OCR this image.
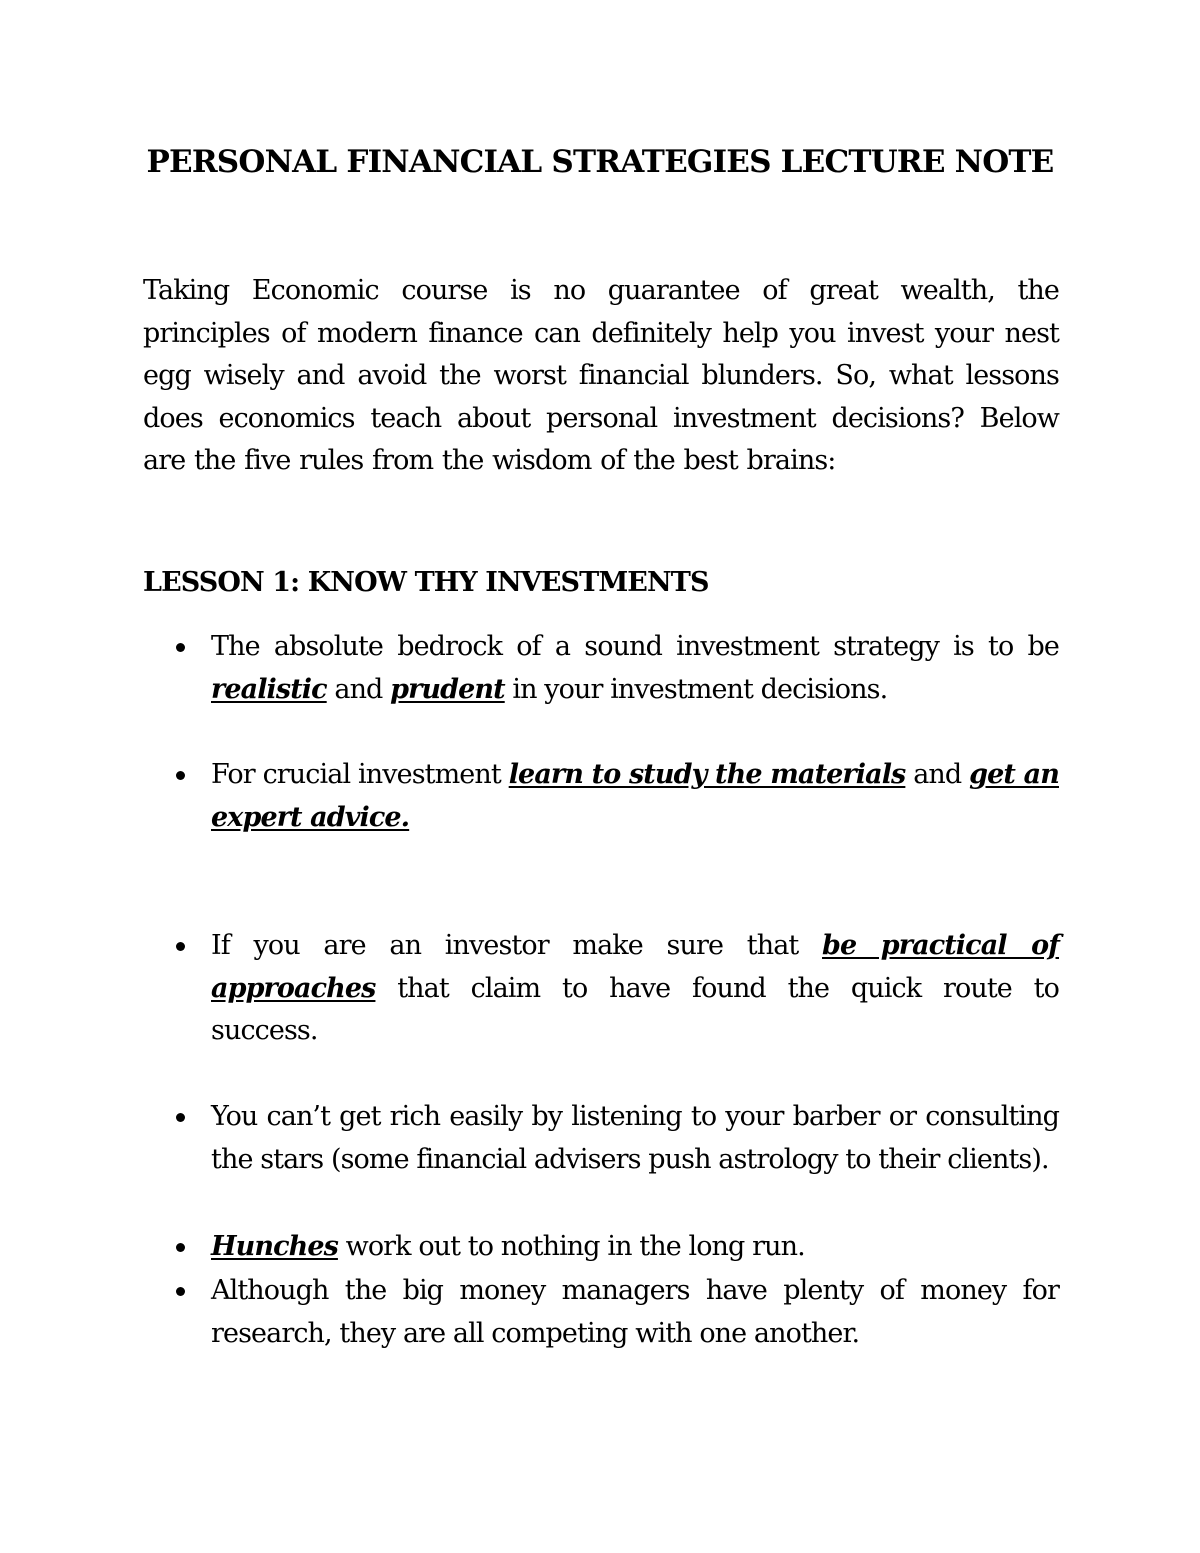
PERSONAL FINANCIAL STRATEGIES LECTURE NOTE

Taking Economic course is no guarantee of great wealth, the principles of modern finance can definitely help you invest your nest egg wisely and avoid the worst financial blunders. So, what lessons does economics teach about personal investment decisions? Below are the five rules from the wisdom of the best brains:

LESSON 1: KNOW THY INVESTMENTS
The absolute bedrock of a sound investment strategy is to be realistic and prudent in your investment decisions.
For crucial investment learn to study the materials and get an expert advice.
If you are an investor make sure that be practical of approaches that claim to have found the quick route to success.
You can’t get rich easily by listening to your barber or consulting the stars (some financial advisers push astrology to their clients).
Hunches work out to nothing in the long run.
Although the big money managers have plenty of money for research, they are all competing with one another.
